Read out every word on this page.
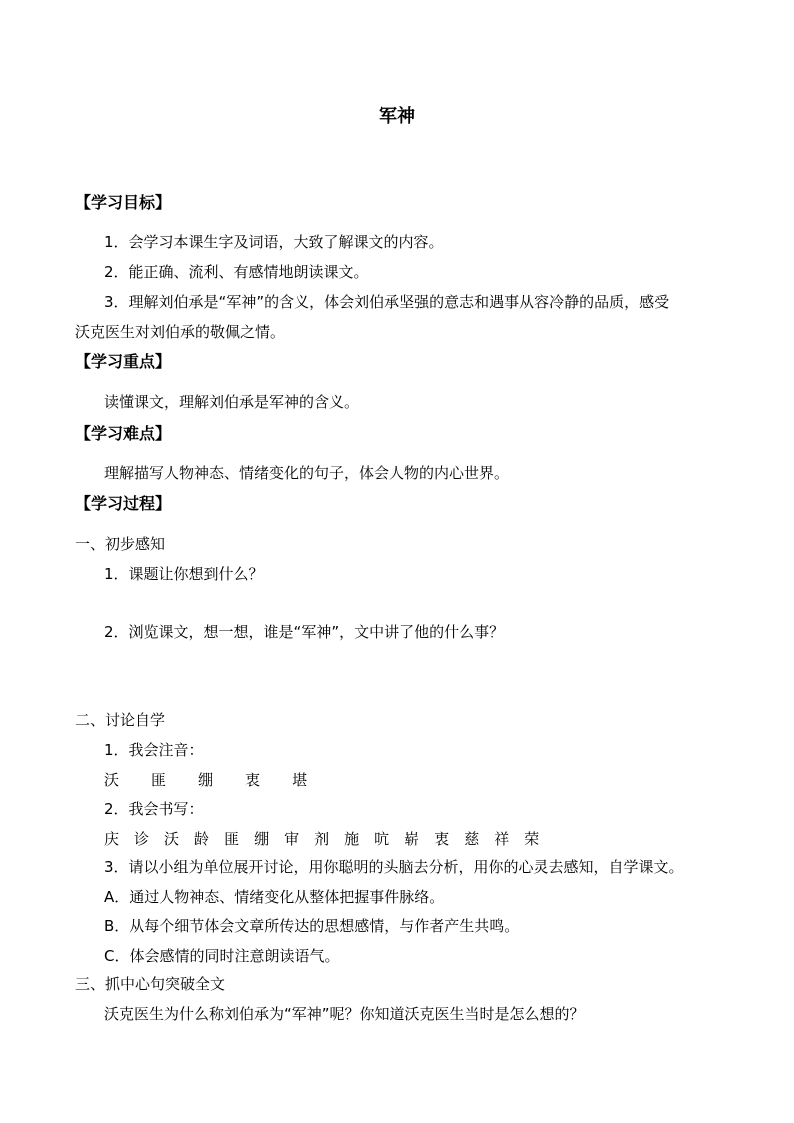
军神
【学习目标】
1．会学习本课生字及词语，大致了解课文的内容。
2．能正确、流利、有感情地朗读课文。
3．理解刘伯承是“军神”的含义，体会刘伯承坚强的意志和遇事从容冷静的品质，感受
沃克医生对刘伯承的敬佩之情。
【学习重点】
读懂课文，理解刘伯承是军神的含义。
【学习难点】
理解描写人物神态、情绪变化的句子，体会人物的内心世界。
【学习过程】
一、初步感知
1．课题让你想到什么？
2．浏览课文，想一想，谁是“军神”，文中讲了他的什么事？
二、讨论自学
1．我会注音：
沃 匪 绷 衷 堪
2．我会书写：
庆 诊 沃 龄 匪 绷 审 剂 施 吭 崭 衷 慈 祥 荣
3．请以小组为单位展开讨论，用你聪明的头脑去分析，用你的心灵去感知，自学课文。
A．通过人物神态、情绪变化从整体把握事件脉络。
B．从每个细节体会文章所传达的思想感情，与作者产生共鸣。
C．体会感情的同时注意朗读语气。
三、抓中心句突破全文
沃克医生为什么称刘伯承为“军神”呢？你知道沃克医生当时是怎么想的？
